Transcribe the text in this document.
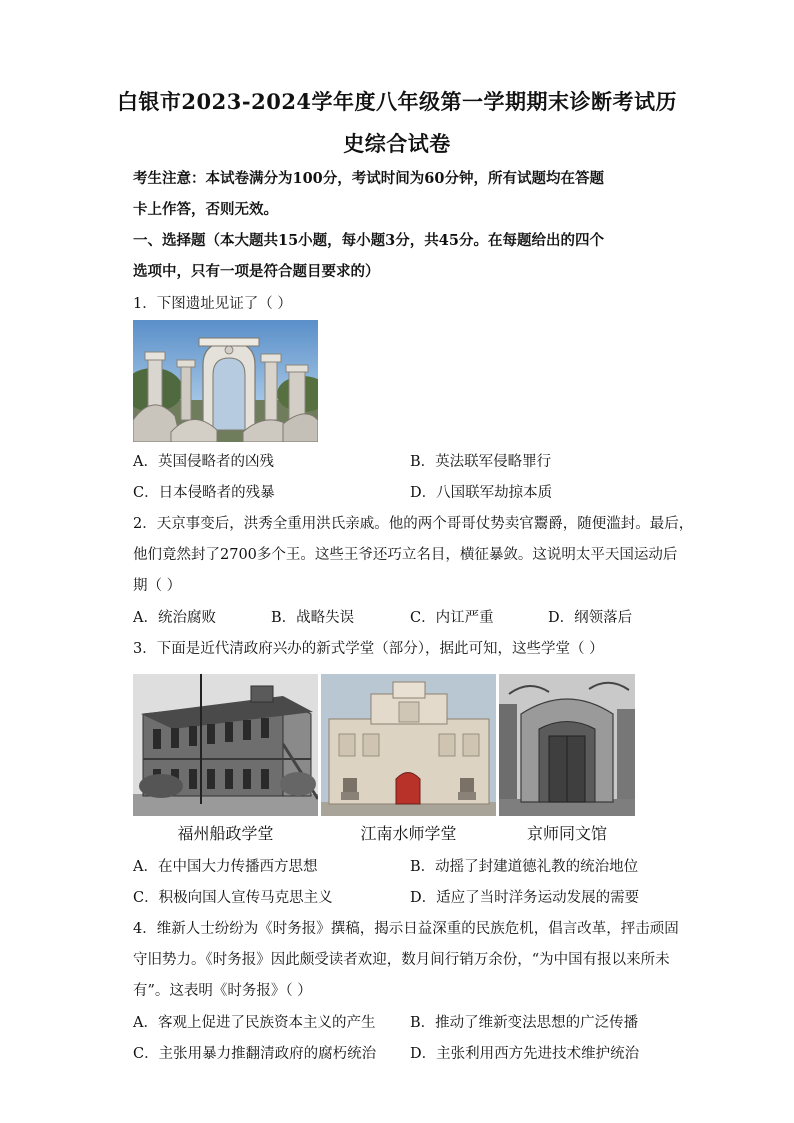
白银市2023-2024学年度八年级第一学期期末诊断考试历
史综合试卷
考生注意：本试卷满分为100分，考试时间为60分钟，所有试题均在答题
卡上作答，否则无效。
一、选择题（本大题共15小题，每小题3分，共45分。在每题给出的四个
选项中，只有一项是符合题目要求的）
1．下图遗址见证了（ ）
A．英国侵略者的凶残	B．英法联军侵略罪行
C．日本侵略者的残暴	D．八国联军劫掠本质
2．天京事变后，洪秀全重用洪氏亲戚。他的两个哥哥仗势卖官鬻爵，随便滥封。最后，
他们竟然封了2700多个王。这些王爷还巧立名目，横征暴敛。这说明太平天国运动后
期（ ）
A．统治腐败	B．战略失误	C．内讧严重	D．纲领落后
3．下面是近代清政府兴办的新式学堂（部分），据此可知，这些学堂（ ）
福州船政学堂	江南水师学堂	京师同文馆
A．在中国大力传播西方思想	B．动摇了封建道德礼教的统治地位
C．积极向国人宣传马克思主义	D．适应了当时洋务运动发展的需要
4．维新人士纷纷为《时务报》撰稿，揭示日益深重的民族危机，倡言改革，抨击顽固
守旧势力。《时务报》因此颇受读者欢迎，数月间行销万余份，“为中国有报以来所未
有”。这表明《时务报》（ ）
A．客观上促进了民族资本主义的产生 B．推动了维新变法思想的广泛传播
C．主张用暴力推翻清政府的腐朽统治 D．主张利用西方先进技术维护统治
